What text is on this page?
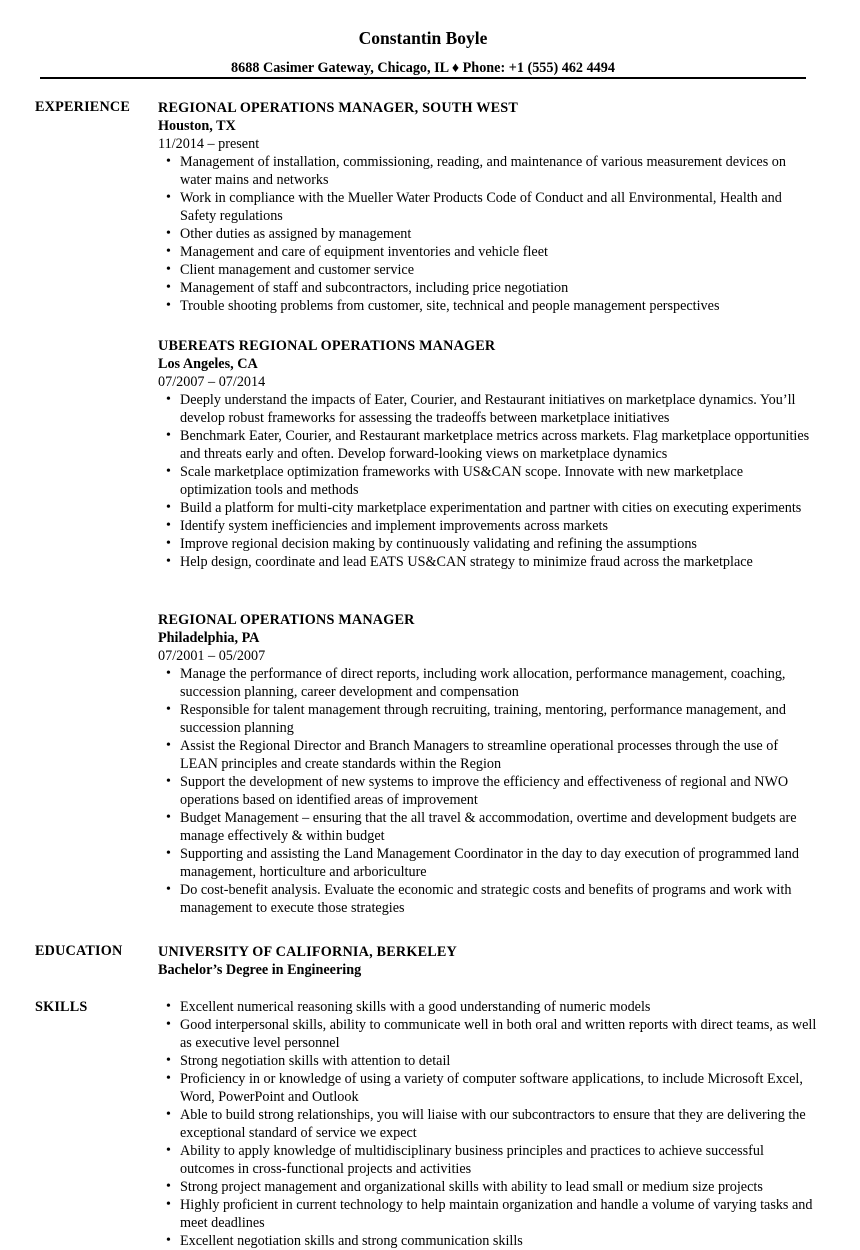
Constantin Boyle
8688 Casimer Gateway, Chicago, IL ♦ Phone: +1 (555) 462 4494
EXPERIENCE REGIONAL OPERATIONS MANAGER, SOUTH WEST
Houston, TX
11/2014 – present
• Management of installation, commissioning, reading, and maintenance of various measurement devices on water mains and networks
• Work in compliance with the Mueller Water Products Code of Conduct and all Environmental, Health and Safety regulations
• Other duties as assigned by management
• Management and care of equipment inventories and vehicle fleet
• Client management and customer service
• Management of staff and subcontractors, including price negotiation
• Trouble shooting problems from customer, site, technical and people management perspectives
UBEREATS REGIONAL OPERATIONS MANAGER
Los Angeles, CA
07/2007 – 07/2014
• Deeply understand the impacts of Eater, Courier, and Restaurant initiatives on marketplace dynamics. You’ll develop robust frameworks for assessing the tradeoffs between marketplace initiatives
• Benchmark Eater, Courier, and Restaurant marketplace metrics across markets. Flag marketplace opportunities and threats early and often. Develop forward-looking views on marketplace dynamics
• Scale marketplace optimization frameworks with US&CAN scope. Innovate with new marketplace optimization tools and methods
• Build a platform for multi-city marketplace experimentation and partner with cities on executing experiments
• Identify system inefficiencies and implement improvements across markets
• Improve regional decision making by continuously validating and refining the assumptions
• Help design, coordinate and lead EATS US&CAN strategy to minimize fraud across the marketplace
REGIONAL OPERATIONS MANAGER
Philadelphia, PA
07/2001 – 05/2007
• Manage the performance of direct reports, including work allocation, performance management, coaching, succession planning, career development and compensation
• Responsible for talent management through recruiting, training, mentoring, performance management, and succession planning
• Assist the Regional Director and Branch Managers to streamline operational processes through the use of LEAN principles and create standards within the Region
• Support the development of new systems to improve the efficiency and effectiveness of regional and NWO operations based on identified areas of improvement
• Budget Management – ensuring that the all travel & accommodation, overtime and development budgets are manage effectively & within budget
• Supporting and assisting the Land Management Coordinator in the day to day execution of programmed land management, horticulture and arboriculture
• Do cost-benefit analysis. Evaluate the economic and strategic costs and benefits of programs and work with management to execute those strategies
EDUCATION	UNIVERSITY OF CALIFORNIA, BERKELEY
Bachelor’s Degree in Engineering
SKILLS
•	Excellent numerical reasoning skills with a good understanding of numeric models
• Good interpersonal skills, ability to communicate well in both oral and written reports with direct teams, as well as executive level personnel
• Strong negotiation skills with attention to detail
• Proficiency in or knowledge of using a variety of computer software applications, to include Microsoft Excel, Word, PowerPoint and Outlook
• Able to build strong relationships, you will liaise with our subcontractors to ensure that they are delivering the exceptional standard of service we expect
• Ability to apply knowledge of multidisciplinary business principles and practices to achieve successful outcomes in cross-functional projects and activities
• Strong project management and organizational skills with ability to lead small or medium size projects
• Highly proficient in current technology to help maintain organization and handle a volume of varying tasks and meet deadlines
• Excellent negotiation skills and strong communication skills
